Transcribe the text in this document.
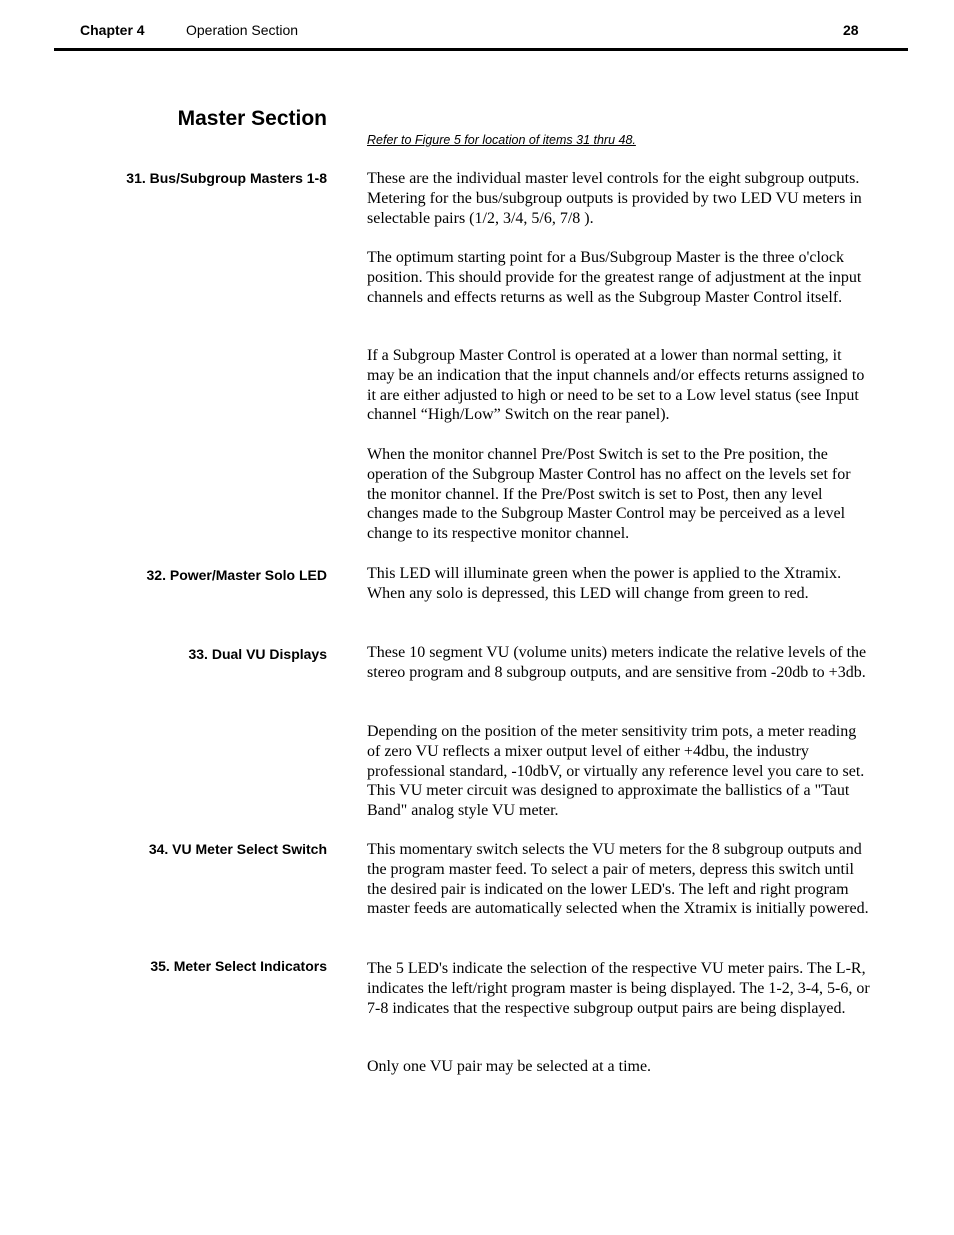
Chapter 4	Operation Section	28
Master Section
Refer to Figure 5 for location of items 31 thru 48.
31. Bus/Subgroup Masters 1-8	These are the individual master level controls for the eight subgroup outputs. Metering for the bus/subgroup outputs is provided by two LED VU meters in selectable pairs (1/2, 3/4, 5/6, 7/8 ).

The optimum starting point for a Bus/Subgroup Master is the three o'clock position. This should provide for the greatest range of adjustment at the input channels and effects returns as well as the Subgroup Master Control itself.

If a Subgroup Master Control is operated at a lower than normal setting, it may be an indication that the input channels and/or effects returns assigned to it are either adjusted to high or need to be set to a Low level status (see Input channel “High/Low” Switch on the rear panel).

When the monitor channel Pre/Post Switch is set to the Pre position, the operation of the Subgroup Master Control has no affect on the levels set for the monitor channel. If the Pre/Post switch is set to Post, then any level changes made to the Subgroup Master Control may be perceived as a level change to its respective monitor channel.

32. Power/Master Solo LED	This LED will illuminate green when the power is applied to the Xtramix. When any solo is depressed, this LED will change from green to red.

33. Dual VU Displays	These 10 segment VU (volume units) meters indicate the relative levels of the stereo program and 8 subgroup outputs, and are sensitive from -20db to +3db.

Depending on the position of the meter sensitivity trim pots, a meter reading of zero VU reflects a mixer output level of either +4dbu, the industry professional standard, -10dbV, or virtually any reference level you care to set. This VU meter circuit was designed to approximate the ballistics of a "Taut Band" analog style VU meter.

34. VU Meter Select Switch	This momentary switch selects the VU meters for the 8 subgroup outputs and the program master feed. To select a pair of meters, depress this switch until the desired pair is indicated on the lower LED's. The left and right program master feeds are automatically selected when the Xtramix is initially powered.

35. Meter Select Indicators	The 5 LED's indicate the selection of the respective VU meter pairs. The L-R, indicates the left/right program master is being displayed. The 1-2, 3-4, 5-6, or 7-8 indicates that the respective subgroup output pairs are being displayed.

Only one VU pair may be selected at a time.
